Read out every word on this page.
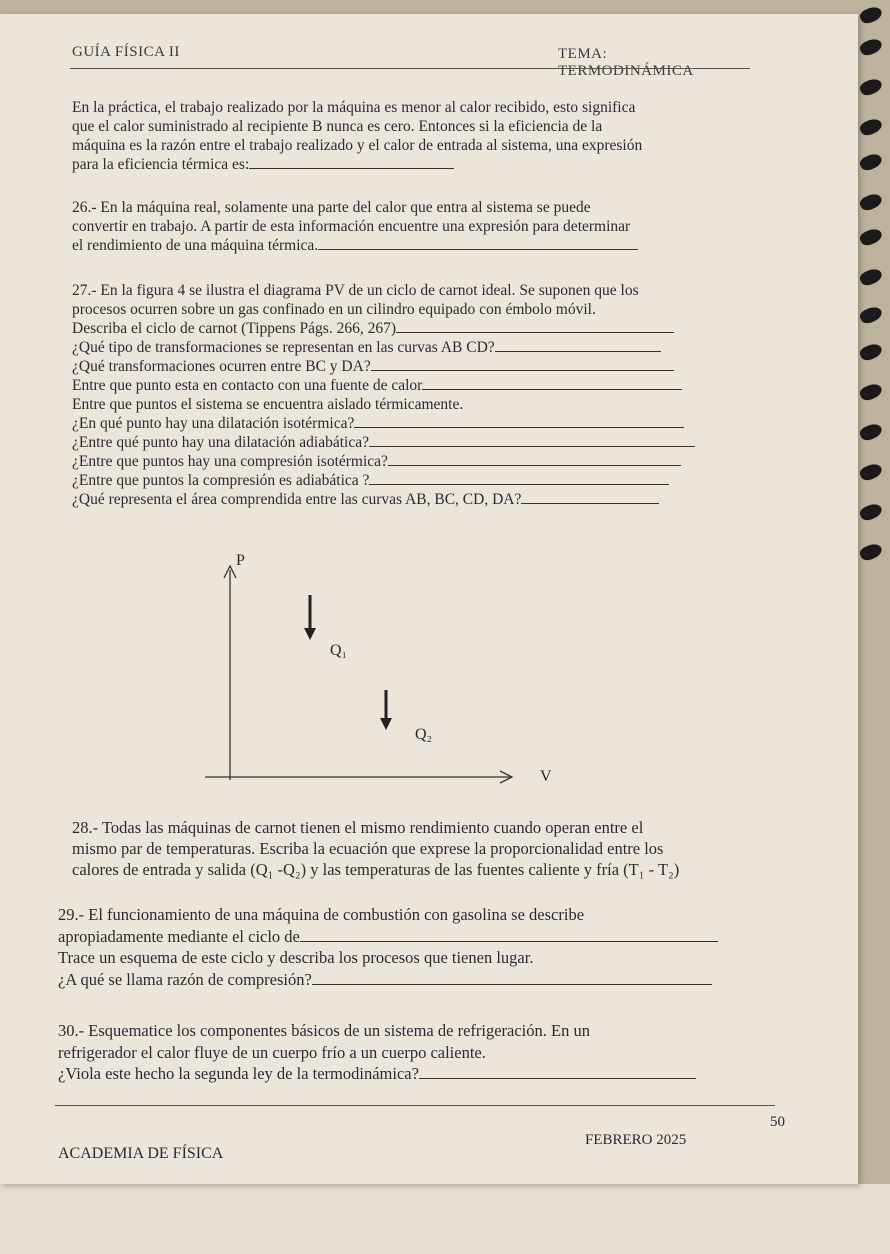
GUÍA FÍSICA II	TEMA: TERMODINÁMICA
En la práctica, el trabajo realizado por la máquina es menor al calor recibido, esto significa
que el calor suministrado al recipiente B nunca es cero. Entonces si la eficiencia de la
máquina es la razón entre el trabajo realizado y el calor de entrada al sistema, una expresión
para la eficiencia térmica es:
26.- En la máquina real, solamente una parte del calor que entra al sistema se puede
convertir en trabajo. A partir de esta información encuentre una expresión para determinar
el rendimiento de una máquina térmica.
27.- En la figura 4 se ilustra el diagrama PV de un ciclo de carnot ideal. Se suponen que los
procesos ocurren sobre un gas confinado en un cilindro equipado con émbolo móvil.
Describa el ciclo de carnot (Tippens Págs. 266, 267)
¿Qué tipo de transformaciones se representan en las curvas AB CD?
¿Qué transformaciones ocurren entre BC y DA?
Entre que punto esta en contacto con una fuente de calor
Entre que puntos el sistema se encuentra aislado térmicamente.
¿En qué punto hay una dilatación isotérmica?
¿Entre qué punto hay una dilatación adiabática?
¿Entre que puntos hay una compresión isotérmica?
¿Entre que puntos la compresión es adiabática ?
¿Qué representa el área comprendida entre las curvas AB, BC, CD, DA?
P
V
Q₁
Q₂
28.- Todas las máquinas de carnot tienen el mismo rendimiento cuando operan entre el
mismo par de temperaturas. Escriba la ecuación que exprese la proporcionalidad entre los
calores de entrada y salida (Q₁ -Q₂) y las temperaturas de las fuentes caliente y fría (T₁ - T₂)
29.- El funcionamiento de una máquina de combustión con gasolina se describe
apropiadamente mediante el ciclo de
Trace un esquema de este ciclo y describa los procesos que tienen lugar.
¿A qué se llama razón de compresión?
30.- Esquematice los componentes básicos de un sistema de refrigeración. En un
refrigerador el calor fluye de un cuerpo frío a un cuerpo caliente.
¿Viola este hecho la segunda ley de la termodinámica?
50
ACADEMIA DE FÍSICA
FEBRERO 2025
